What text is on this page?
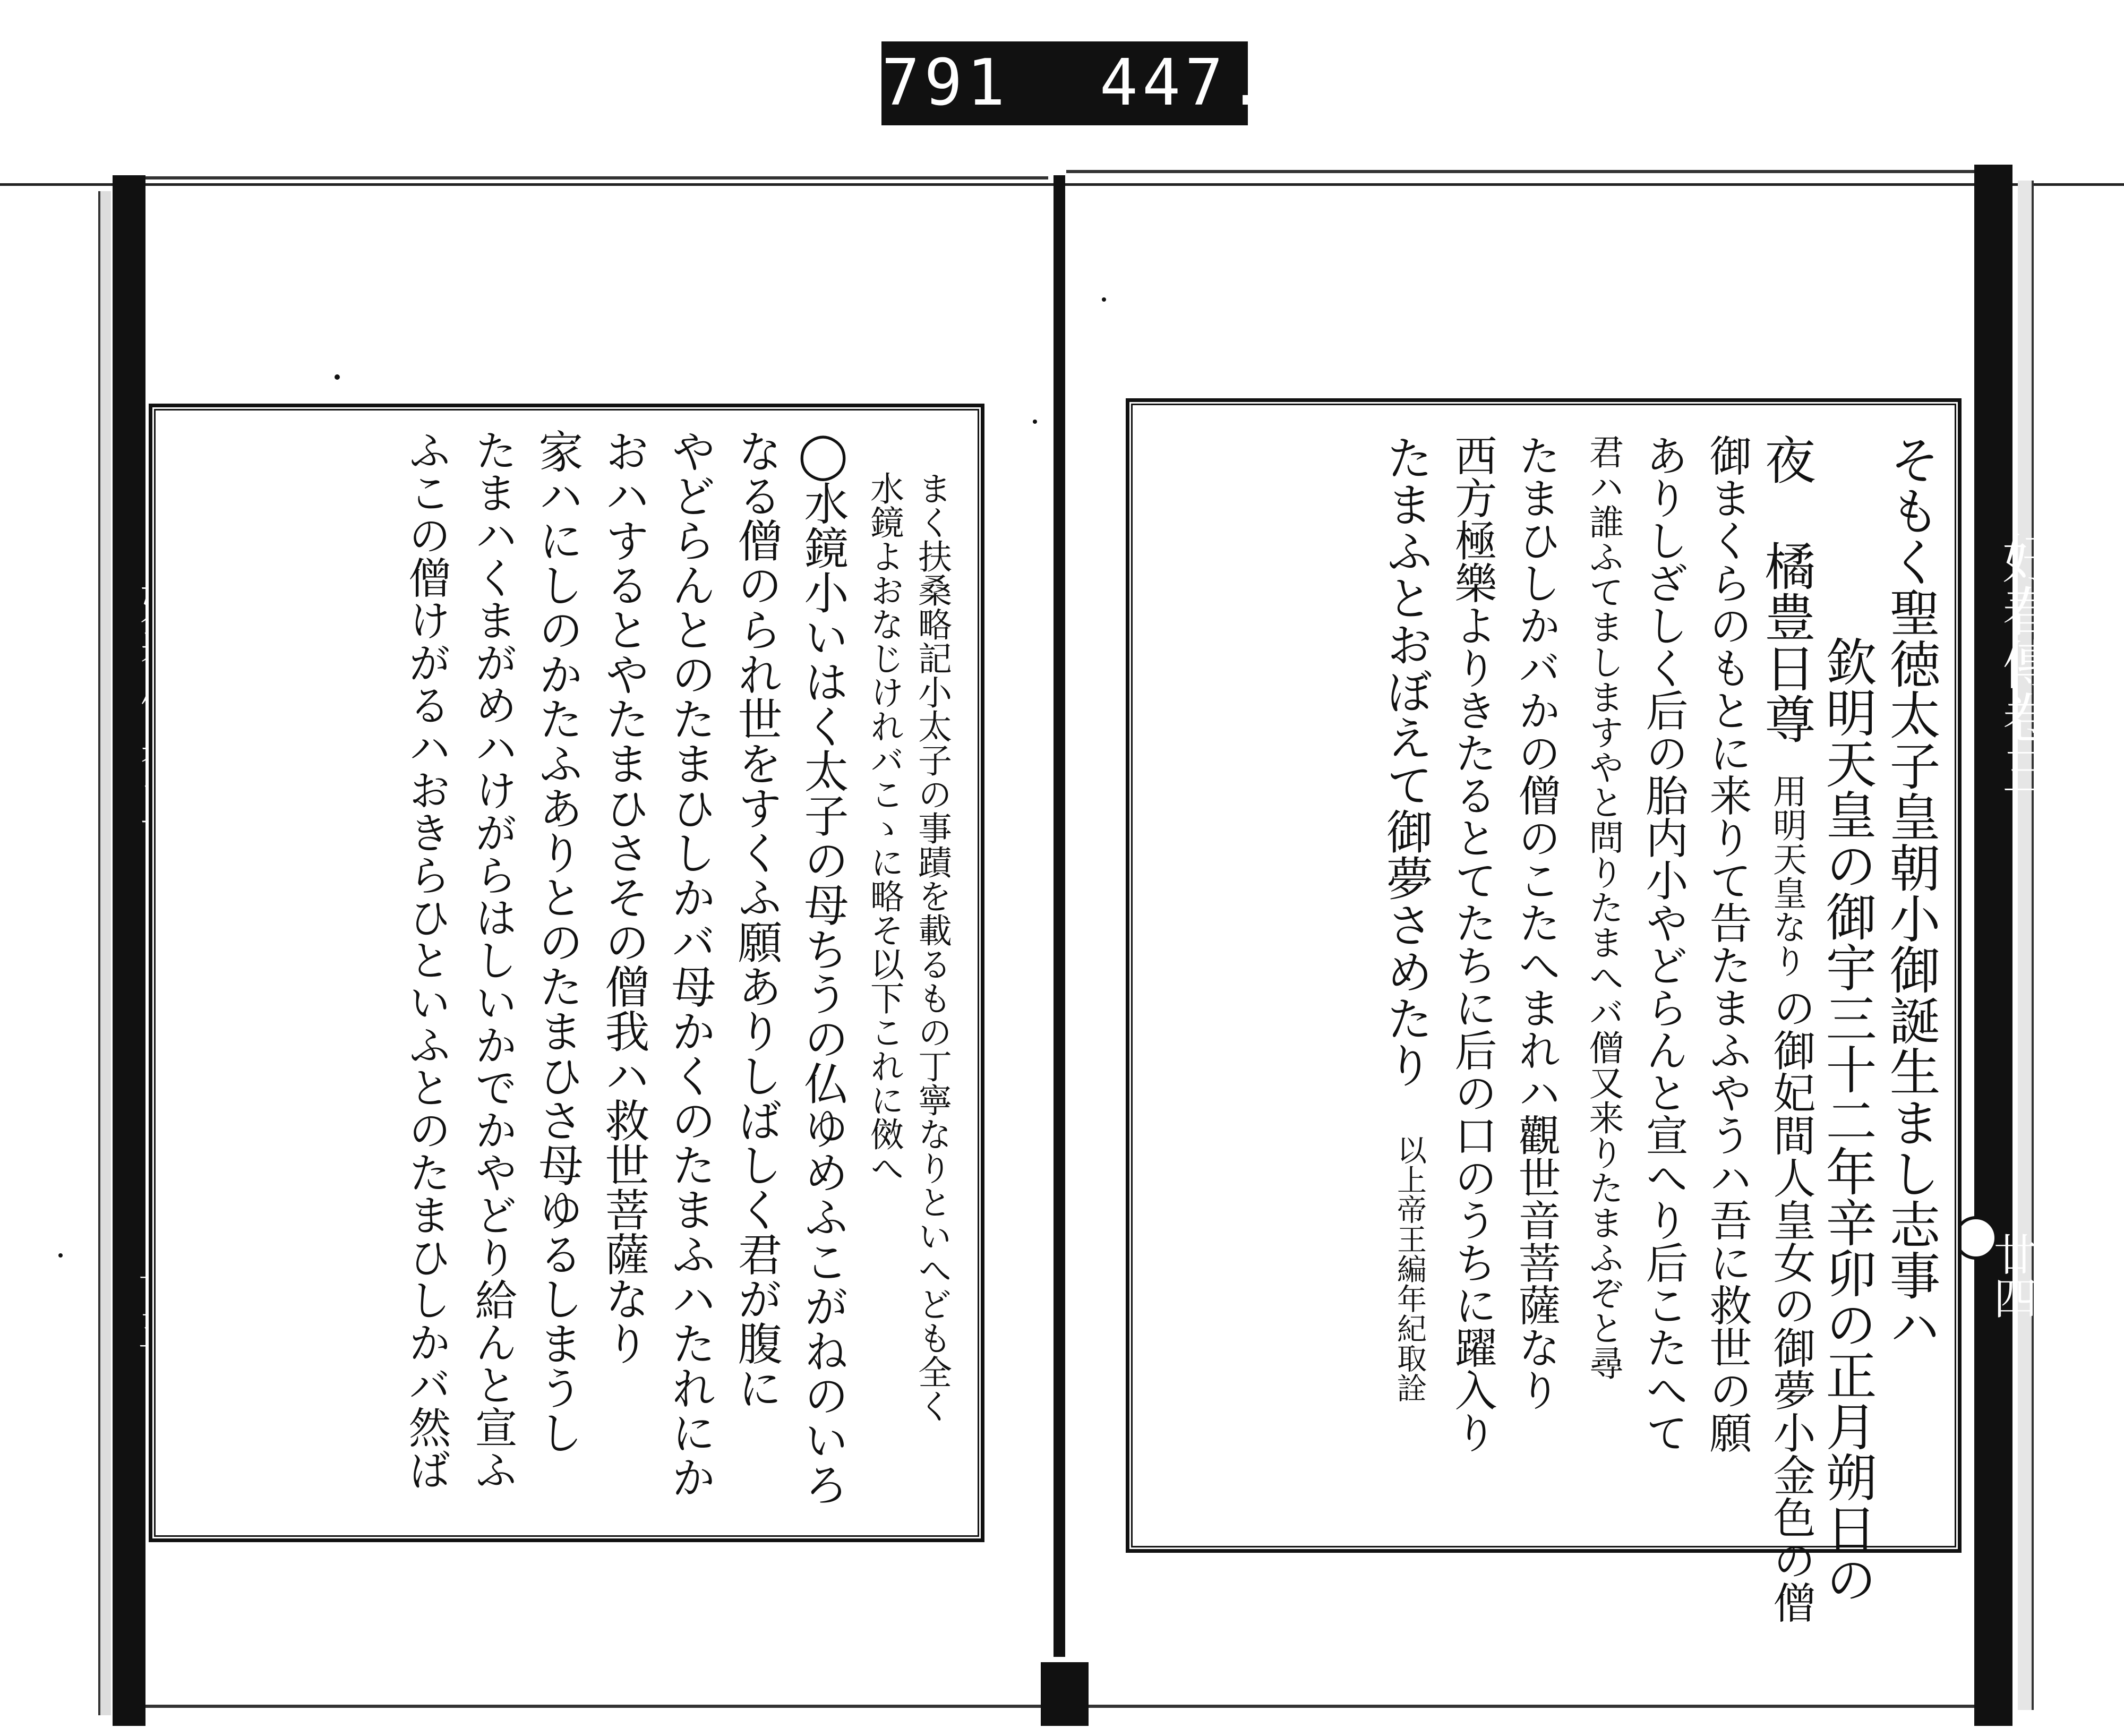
791 447.
好春傳卷三
廿四
そもく聖徳太子皇朝小御誕生まし志事ハ
欽明天皇の御宇三十二年辛卯の正月朔日の
夜
橘豊日尊
用明天皇なり
の御妃間人皇女の御夢小金色の僧
御まくらのもとに来りて告たまふやうハ吾に救世の願
ありしざしく后の胎内小やどらんと宣へり后こたへて
君ハ誰ふてましますやと問りたまへバ僧又来りたまふぞと尋
たまひしかバかの僧のこたへまれハ觀世音菩薩なり
西方極樂よりきたるとてたちに后の口のうちに躍入り
たまふとおぼえて御夢さめたり
以上帝王編年紀取詮
まく扶桑略記小太子の事蹟を載るもの丁寧なりといへども全く
水鏡よおなじけれバこゝに略そ以下これに傚へ
◯水鏡小いはく太子の母ちうの仏ゆめふこがねのいろ
なる僧のられ世をすくふ願ありしばしく君が腹に
やどらんとのたまひしかバ母かくのたまふハたれにか
おハするとやたまひさその僧我ハ救世菩薩なり
家ハにしのかたふありとのたまひさ母ゆるしまうし
たまハくまがめハけがらはしいかでかやどり給んと宣ふ
ふこの僧けがるハおきらひといふとのたまひしかバ然ば
